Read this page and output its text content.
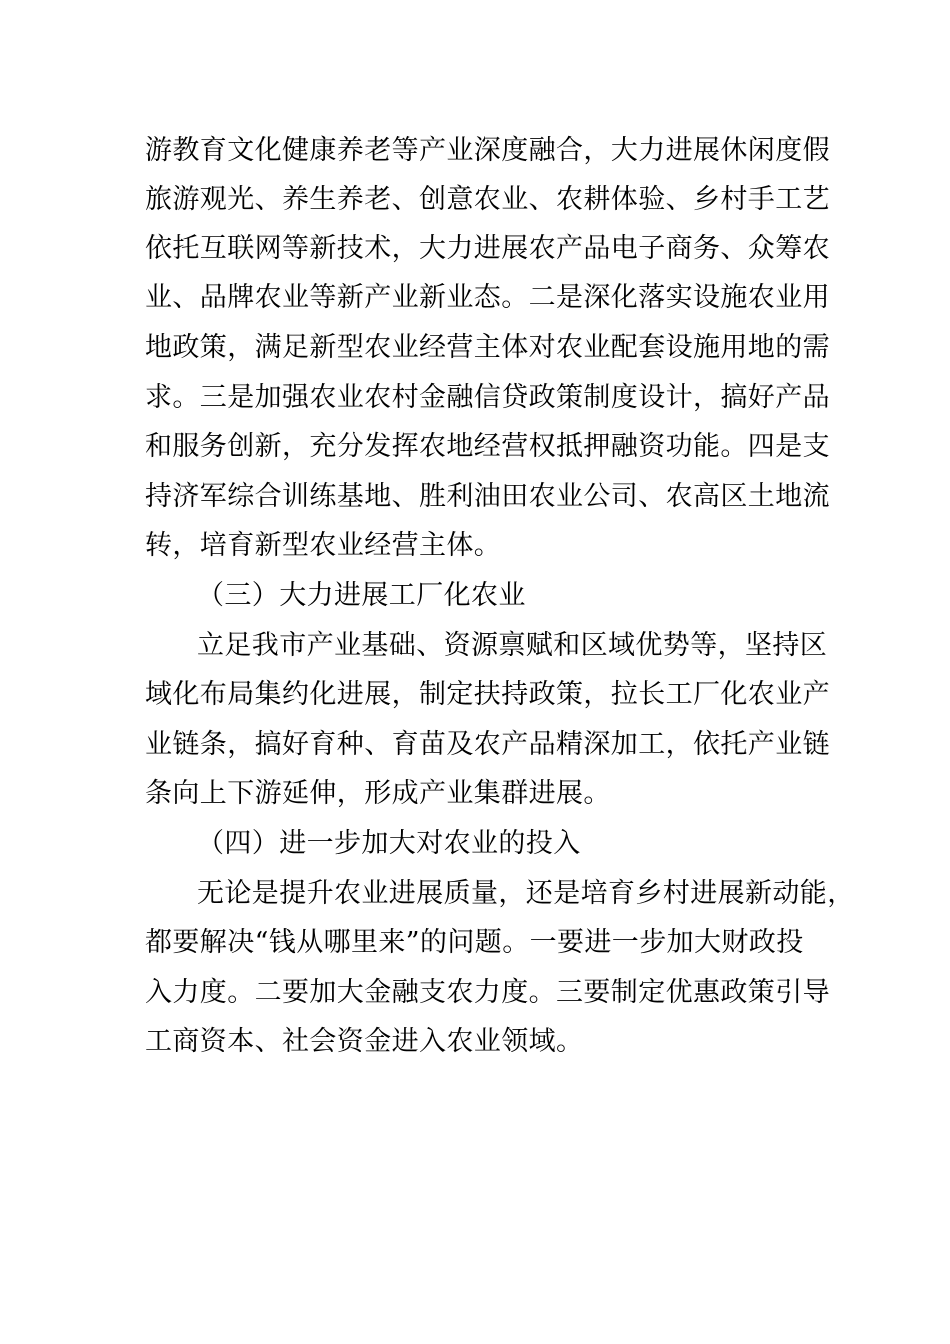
游教育文化健康养老等产业深度融合，大力进展休闲度假
旅游观光、养生养老、创意农业、农耕体验、乡村手工艺
依托互联网等新技术，大力进展农产品电子商务、众筹农
业、品牌农业等新产业新业态。二是深化落实设施农业用
地政策，满足新型农业经营主体对农业配套设施用地的需
求。三是加强农业农村金融信贷政策制度设计，搞好产品
和服务创新，充分发挥农地经营权抵押融资功能。四是支
持济军综合训练基地、胜利油田农业公司、农高区土地流
转，培育新型农业经营主体。
（三）大力进展工厂化农业
立足我市产业基础、资源禀赋和区域优势等，坚持区
域化布局集约化进展，制定扶持政策，拉长工厂化农业产
业链条，搞好育种、育苗及农产品精深加工，依托产业链
条向上下游延伸，形成产业集群进展。
（四）进一步加大对农业的投入
无论是提升农业进展质量，还是培育乡村进展新动能，
都要解决“钱从哪里来”的问题。一要进一步加大财政投
入力度。二要加大金融支农力度。三要制定优惠政策引导
工商资本、社会资金进入农业领域。
